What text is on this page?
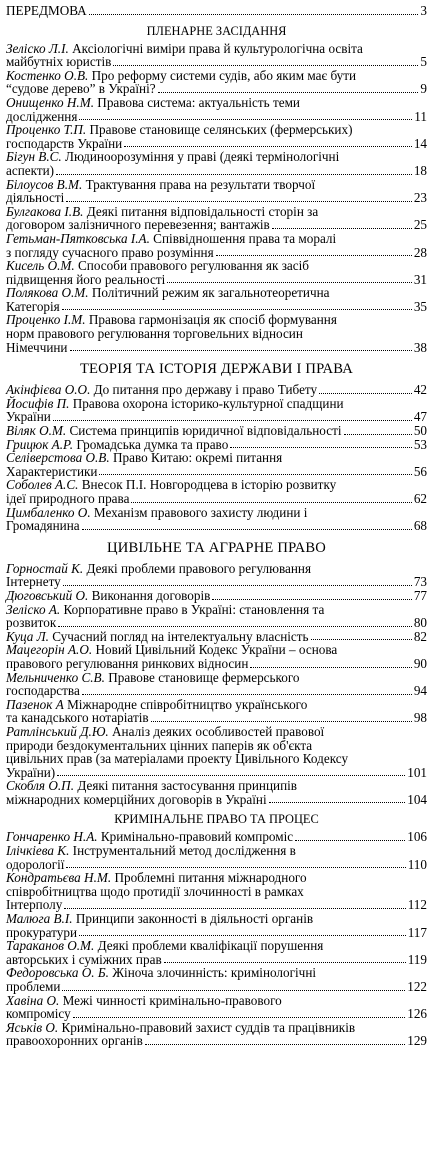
ПЕРЕДМОВА	3
ПЛЕНАРНЕ ЗАСІДАННЯ
Зеліско Л.І. Аксіологічні виміри права й культурологічна освіта
майбутніх юристів	5
Костенко О.В. Про реформу системи судів, або яким має бути
“судове дерево” в Україні?	9
Онищенко Н.М. Правова система: актуальність теми
дослідження	11
Проценко Т.П. Правове становище селянських (фермерських)
господарств України	14
Бігун В.С. Людиноорозуміння у праві (деякі термінологічні
аспекти)	18
Білоусов В.М. Трактування права на результати творчої
діяльності	23
Булгакова І.В. Деякі питання відповідальності сторін за
договором залізничного перевезення; вантажів	25
Гетьман-Пятковська І.А. Співвідношення права та моралі
з погляду сучасного право розуміння	28
Кисель О.М. Способи правового регулювання як засіб
підвищення його реальності	31
Полякова О.М. Політичний режим як загальнотеоретична
Категорія	35
Проценко І.М. Правова гармонізація як спосіб формування
норм правового регулювання торговельних відносин
Німеччини	38
ТЕОРІЯ ТА ІСТОРІЯ ДЕРЖАВИ І ПРАВА
Акінфієва О.О. До питання про державу і право Тибету	42
Йосифів П. Правова охорона історико-культурної спадщини
України	47
Віляк О.М. Система принципів юридичної відповідальності	50
Грицюк А.Р. Громадська думка та право	53
Селіверстова О.В. Право Китаю: окремі питання
Характеристики	56
Соболев А.С. Внесок П.І. Новгородцева в історію розвитку
ідеї природного права	62
Цимбаленко О. Механізм правового захисту людини і
Громадянина	68
ЦИВІЛЬНЕ ТА АГРАРНЕ ПРАВО
Горностай К. Деякі проблеми правового регулювання
Інтернету	73
Дюговський О. Виконання договорів	77
Зеліско А. Корпоративне право в Україні: становлення та
розвиток	80
Куца Л. Сучасний погляд на інтелектуальну власність	82
Мацегорін А.О. Новий Цивільний Кодекс України – основа
правового регулювання ринкових відносин	90
Мельниченко С.В. Правове становище фермерського
господарства	94
Пазенок А Міжнародне співробітництво українського
та канадського нотаріатів	98
Ратлінський Д.Ю. Аналіз деяких особливостей правової
природи бездокументальних цінних паперів як об'єкта
цивільних прав (за матеріалами проекту Цивільного Кодексу
України)	101
Скобля О.П. Деякі питання застосування принципів
міжнародних комерційних договорів в Україні	104
КРИМІНАЛЬНЕ ПРАВО ТА ПРОЦЕС
Гончаренко Н.А. Кримінально-правовий компроміс	106
Ілічкіева К. Інструментальний метод дослідження в
одорології	110
Кондратьєва Н.М. Проблемні питання міжнародного
співробітництва щодо протидії злочинності в рамках
Інтерполу	112
Малюга В.І. Принципи законності в діяльності органів
прокуратури	117
Тараканов О.М. Деякі проблеми кваліфікації порушення
авторських і суміжних прав	119
Федоровська О. Б. Жіноча злочинність: кримінологічні
проблеми	122
Хавіна О. Межі чинності кримінально-правового
компромісу	126
Яськів О. Кримінально-правовий захист суддів та працівників
правоохоронних органів	129
